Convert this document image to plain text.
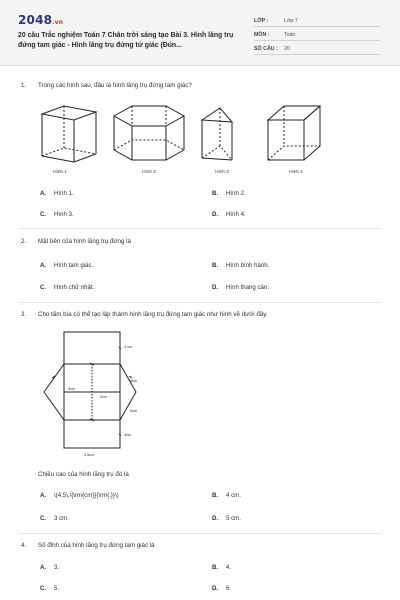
2048.vn
20 câu Trắc nghiệm Toán 7 Chân trời sáng tạo Bài 3. Hình lăng trụ đứng tam giác - Hình lăng trụ đứng tứ giác (Đún...
LỚP :	Lớp 7
MÔN :	Toán
SỐ CÂU : 20
1. Trong các hình sau, đâu là hình lăng trụ đứng tam giác?
Hình 1	Hình 2	Hình 3	Hình 4
A. Hình 1.	B. Hình 2.
C. Hình 3.	D. Hình 4.
2. Mặt bên của hình lăng trụ đứng là
A. Hình tam giác.	B. Hình bình hành.
C. Hình chữ nhật.	D. Hình thang cân.
3. Cho tấm bìa có thể tạo lập thành hình lăng trụ đứng tam giác như hình vẽ dưới đây.
4 cm
4cm
3cm
5cm
3cm
5cm
4,5cm
Chiều cao của hình lăng trụ đó là
A. \(4,5\,\{\rm{cm}}{\rm{.}}\)	B. 4 cm.
C. 3 cm.	D. 5 cm.
4. Số đỉnh của hình lăng trụ đứng tam giác là
A. 3.	B. 4.
C. 5.	D. 6.
